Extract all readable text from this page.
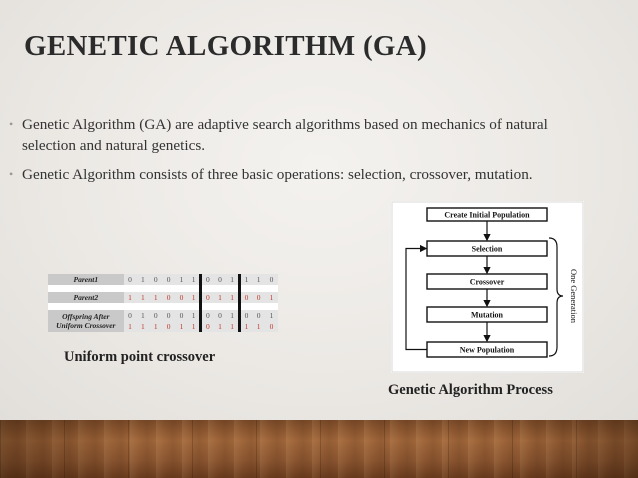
GENETIC ALGORITHM (GA)
• Genetic Algorithm (GA) are adaptive search algorithms based on mechanics of natural selection and natural genetics.
• Genetic Algorithm consists of three basic operations: selection, crossover, mutation.
Parent1	0	1	0	0	1	1	0	0	1	1	1	0

Parent2	1	1	1	0	0	1	0	1	1	0	0	1

Offspring After Uniform Crossover	0	1	0	0	0	1	0	0	1	0	0	1
	1	1	1	0	1	1	0	1	1	1	1	0
Uniform point crossover
Create Initial Population
Selection
Crossover
Mutation
New Population
One Generation
Genetic Algorithm Process
